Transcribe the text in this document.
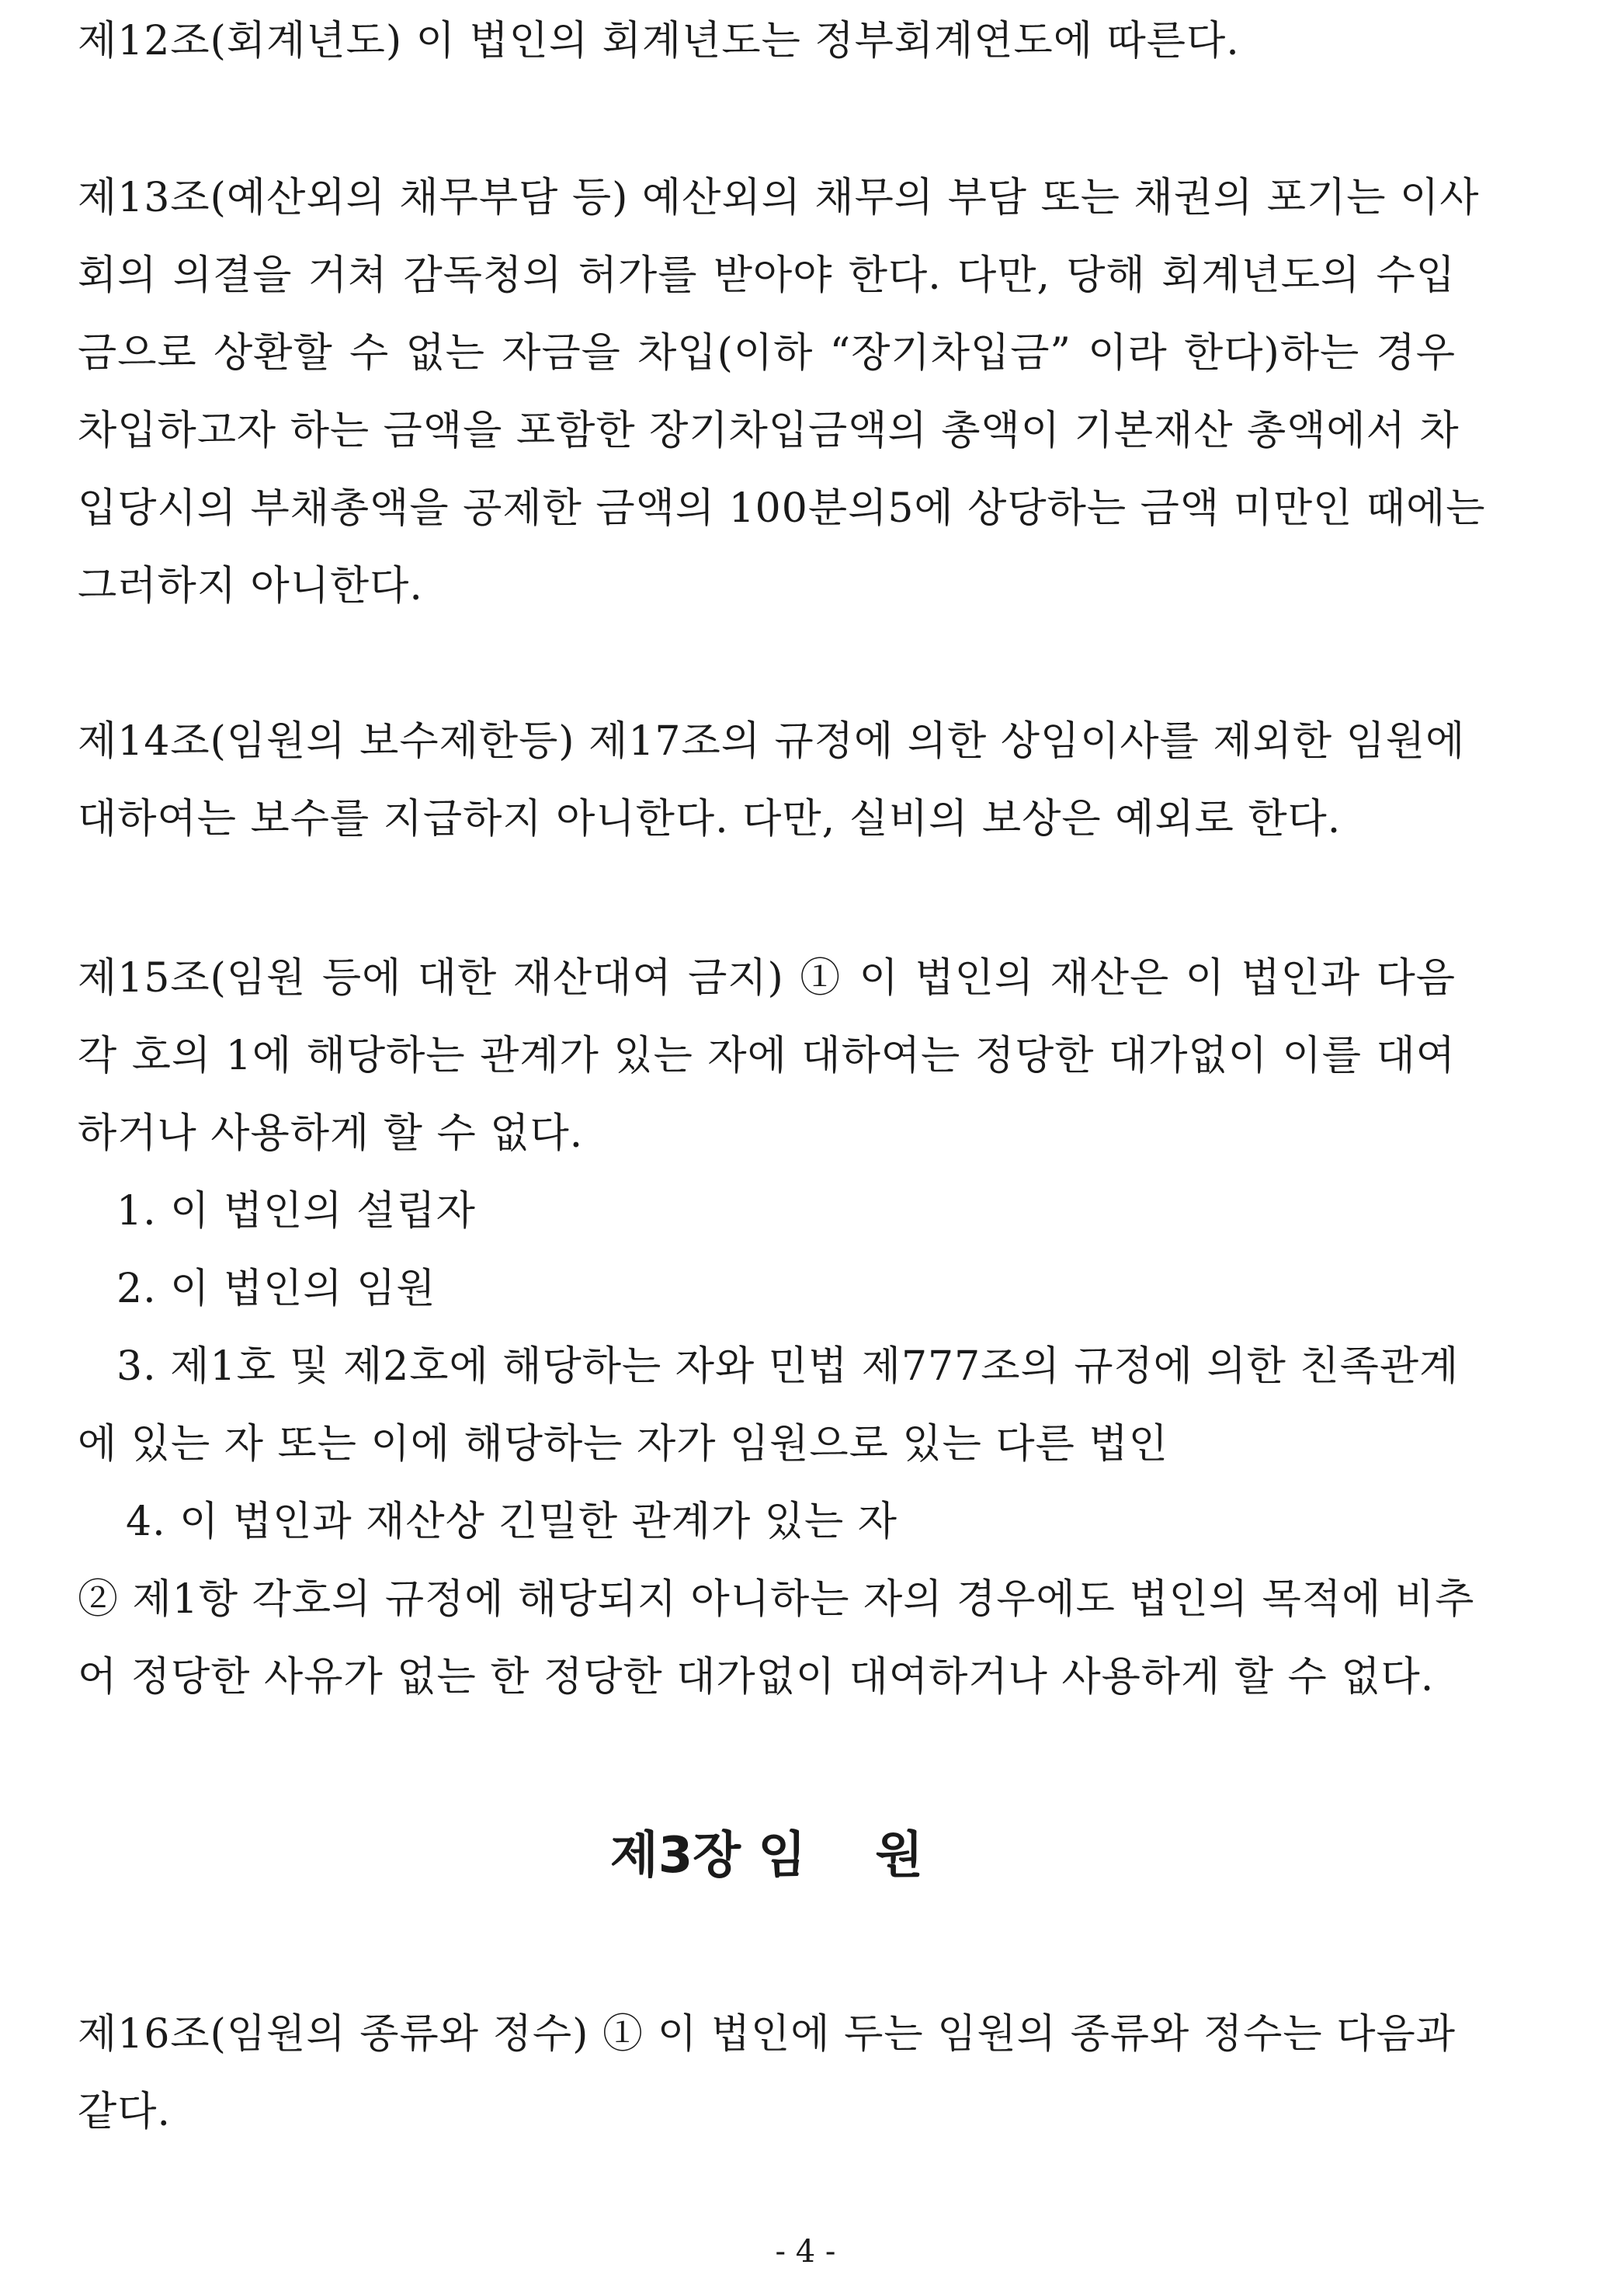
제12조(회계년도) 이 법인의 회계년도는 정부회계연도에 따른다.
제13조(예산외의 채무부담 등) 예산외의 채무의 부담 또는 채권의 포기는 이사
회의 의결을 거쳐 감독청의 허가를 받아야 한다. 다만, 당해 회계년도의 수입
금으로 상환할 수 없는 자금을 차입(이하 “장기차입금” 이라 한다)하는 경우
차입하고자 하는 금액을 포함한 장기차입금액의 총액이 기본재산 총액에서 차
입당시의 부채총액을 공제한 금액의 100분의5에 상당하는 금액 미만인 때에는
그러하지 아니한다.
제14조(임원의 보수제한등) 제17조의 규정에 의한 상임이사를 제외한 임원에
대하여는 보수를 지급하지 아니한다. 다만, 실비의 보상은 예외로 한다.
제15조(임원 등에 대한 재산대여 금지) ① 이 법인의 재산은 이 법인과 다음
각 호의 1에 해당하는 관계가 있는 자에 대하여는 정당한 대가없이 이를 대여
하거나 사용하게 할 수 없다.
1. 이 법인의 설립자
2. 이 법인의 임원
3. 제1호 및 제2호에 해당하는 자와 민법 제777조의 규정에 의한 친족관계
에 있는 자 또는 이에 해당하는 자가 임원으로 있는 다른 법인
4. 이 법인과 재산상 긴밀한 관계가 있는 자
② 제1항 각호의 규정에 해당되지 아니하는 자의 경우에도 법인의 목적에 비추
어 정당한 사유가 없는 한 정당한 대가없이 대여하거나 사용하게 할 수 없다.
제3장 임    원
제16조(임원의 종류와 정수) ① 이 법인에 두는 임원의 종류와 정수는 다음과
같다.
- 4 -
